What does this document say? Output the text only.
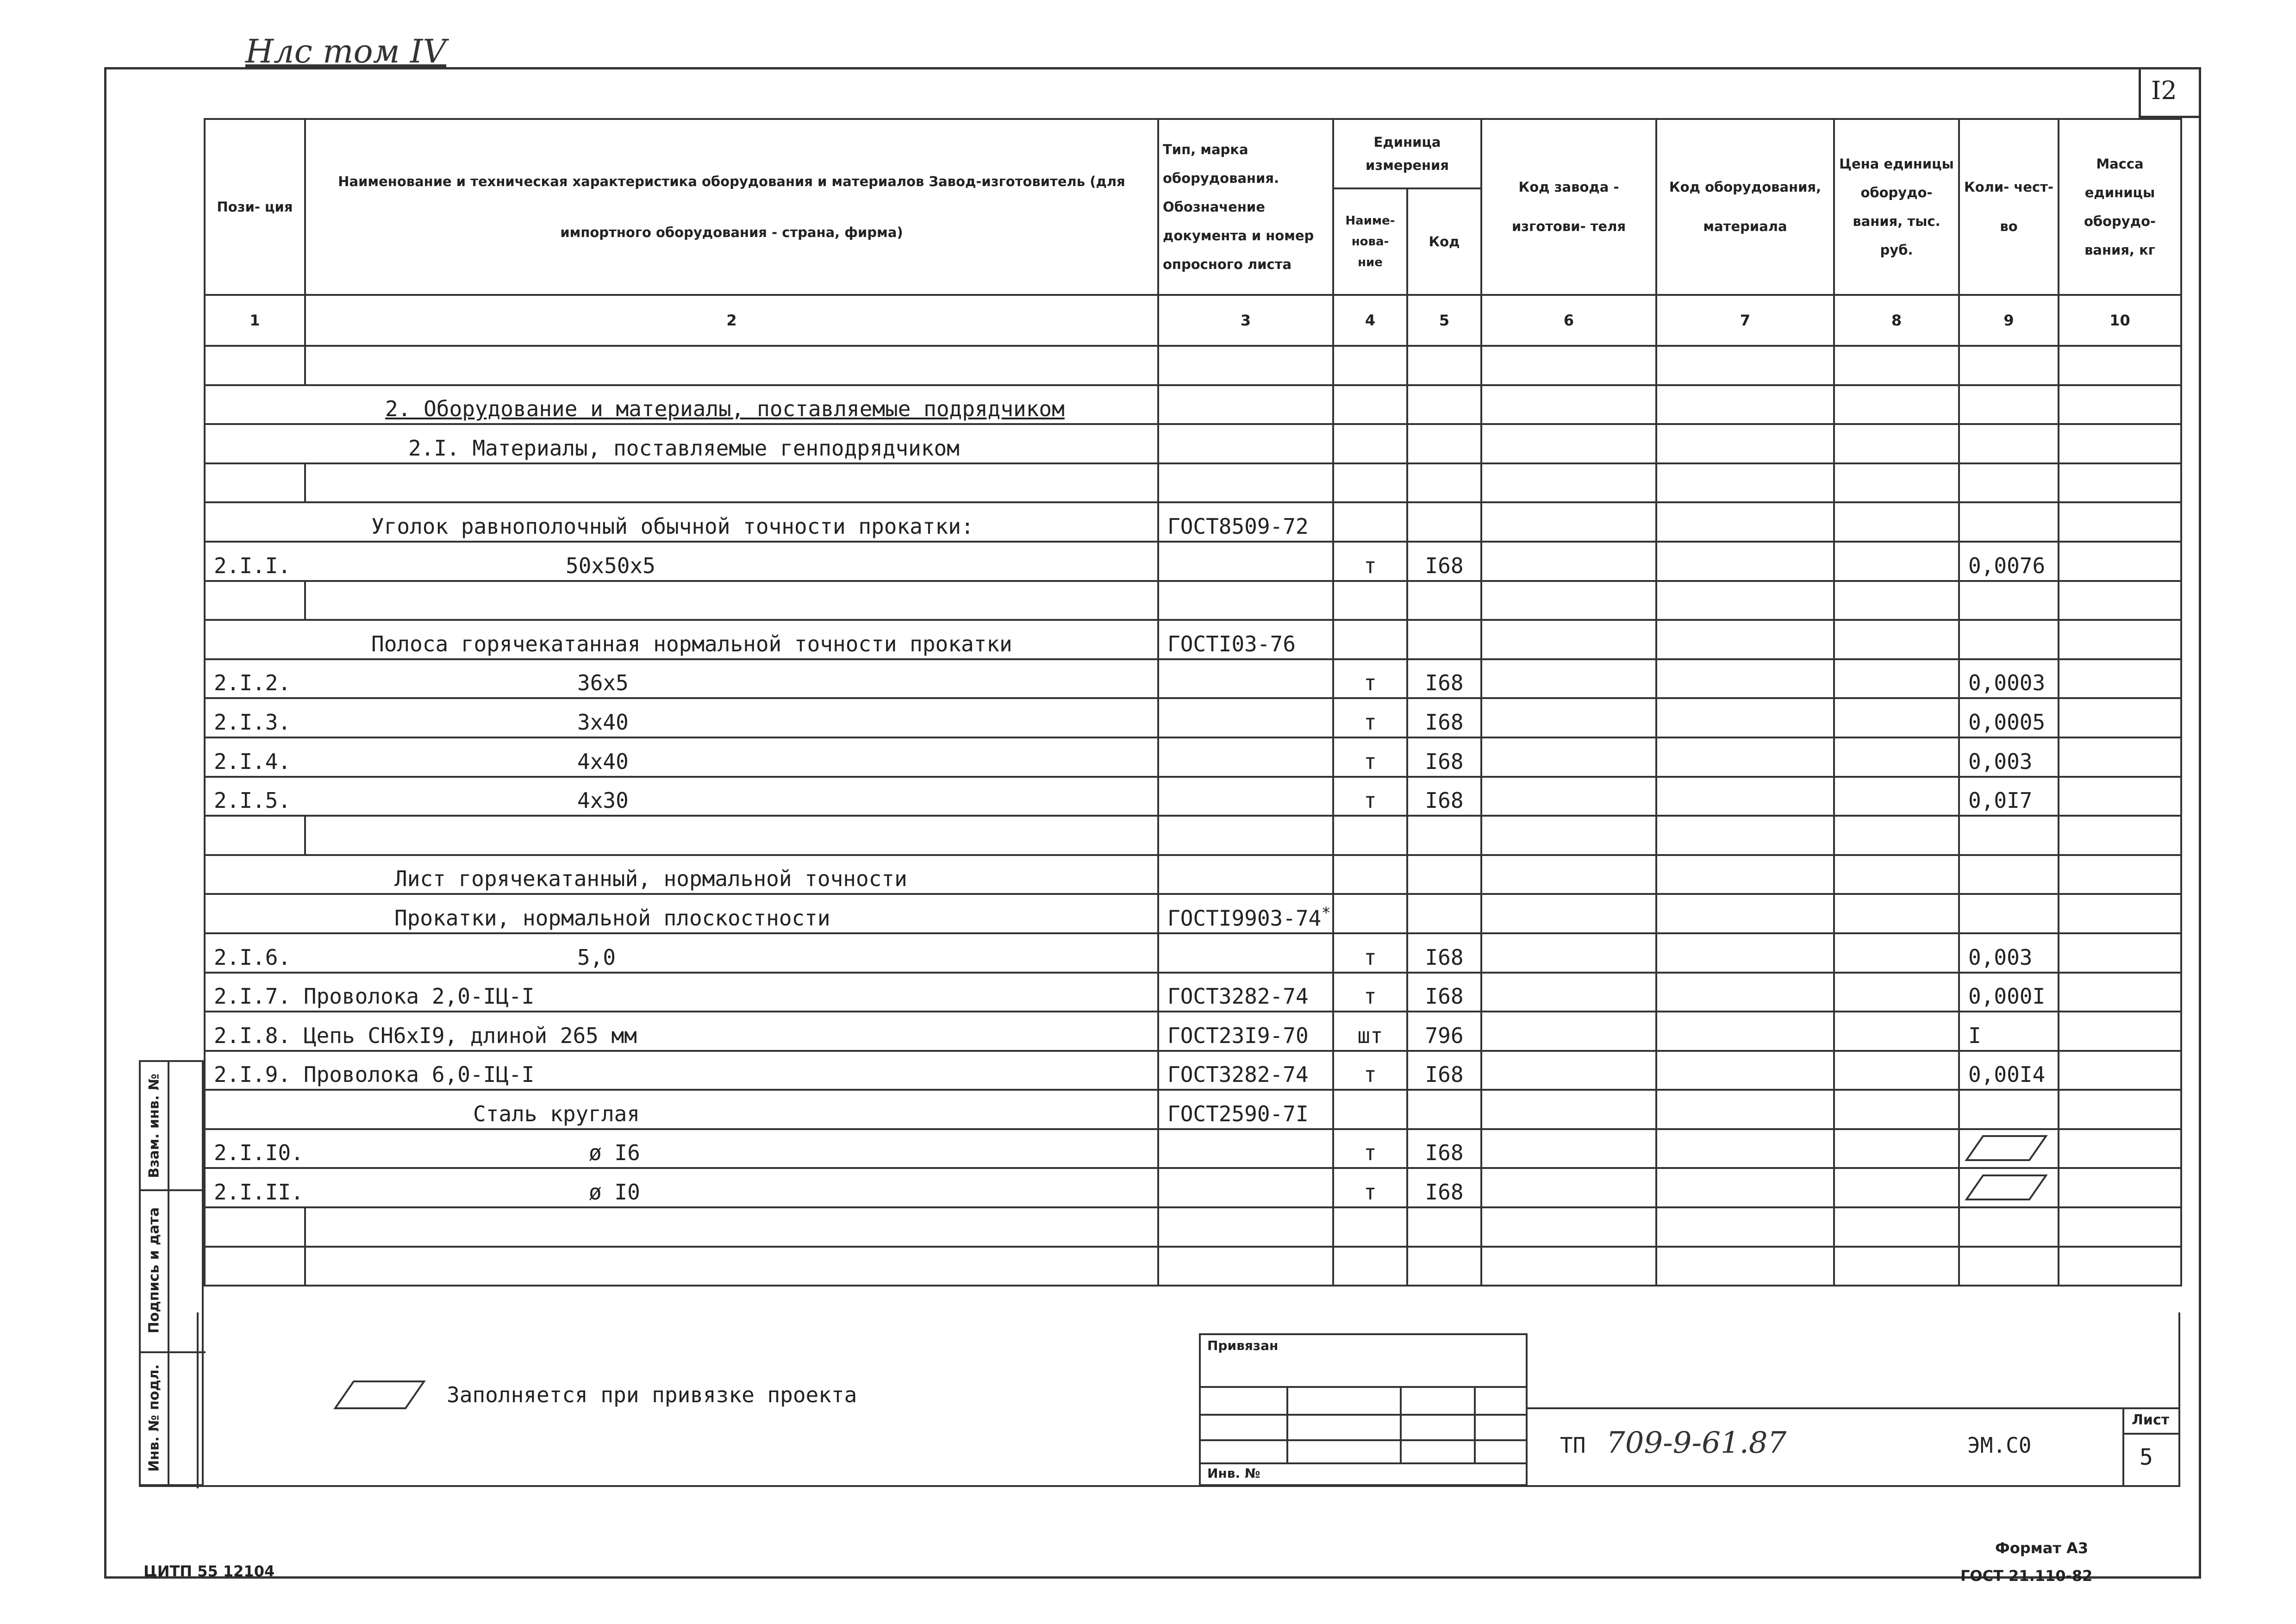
Нлс том IV
I2
Пози- ция	Наименование и техническая характеристика оборудования и материалов Завод-изготовитель (для импортного оборудования - страна, фирма)	Тип, марка оборудования. Обозначение документа и номер опросного листа	Единица измерения		Код завода - изготови- теля	Код оборудования, материала	Цена единицы оборудо- вания, тыс. руб.	Коли- чест- во	Масса единицы оборудо- вания, кг
			Наиме- нова- ние	Код					
1	2	3	4	5	6	7	8	9	10

2. Оборудование и материалы, поставляемые подрядчиком									
2.I. Материалы, поставляемые генподрядчиком									

Уголок равнополочный обычной точности прокатки:		ГОСТ8509-72							
2.I.I. 50х50х5			т	I68				0,0076	

Полоса горячекатанная нормальной точности прокатки		ГОСТI03-76							
2.I.2. 36х5			т	I68				0,0003	
2.I.3. 3х40			т	I68				0,0005	
2.I.4. 4х40			т	I68				0,003	
2.I.5. 4х30			т	I68				0,0I7	

Лист горячекатанный, нормальной точности									
Прокатки, нормальной плоскостности		ГОСТI9903-74*							
2.I.6. 5,0			т	I68				0,003	
2.I.7. Проволока 2,0-IЦ-I		ГОСТ3282-74	т	I68				0,000I	
2.I.8. Цепь СН6хI9, длиной 265 мм		ГОСТ23I9-70	шт	796				I	
2.I.9. Проволока 6,0-IЦ-I		ГОСТ3282-74	т	I68				0,00I4	
Сталь круглая		ГОСТ2590-7I							
2.I.I0. ø I6			т	I68				

2.I.II. ø I0			т	I68				

Заполняется при привязке проекта
Взам. инв. №
Подпись и дата
Инв. № подл.
Привязан
Инв. №
ТП 709-9-61.87	ЭМ.С0
Лист
5
ЦИТП 55 12104
Формат А3
ГОСТ 21.110-82
